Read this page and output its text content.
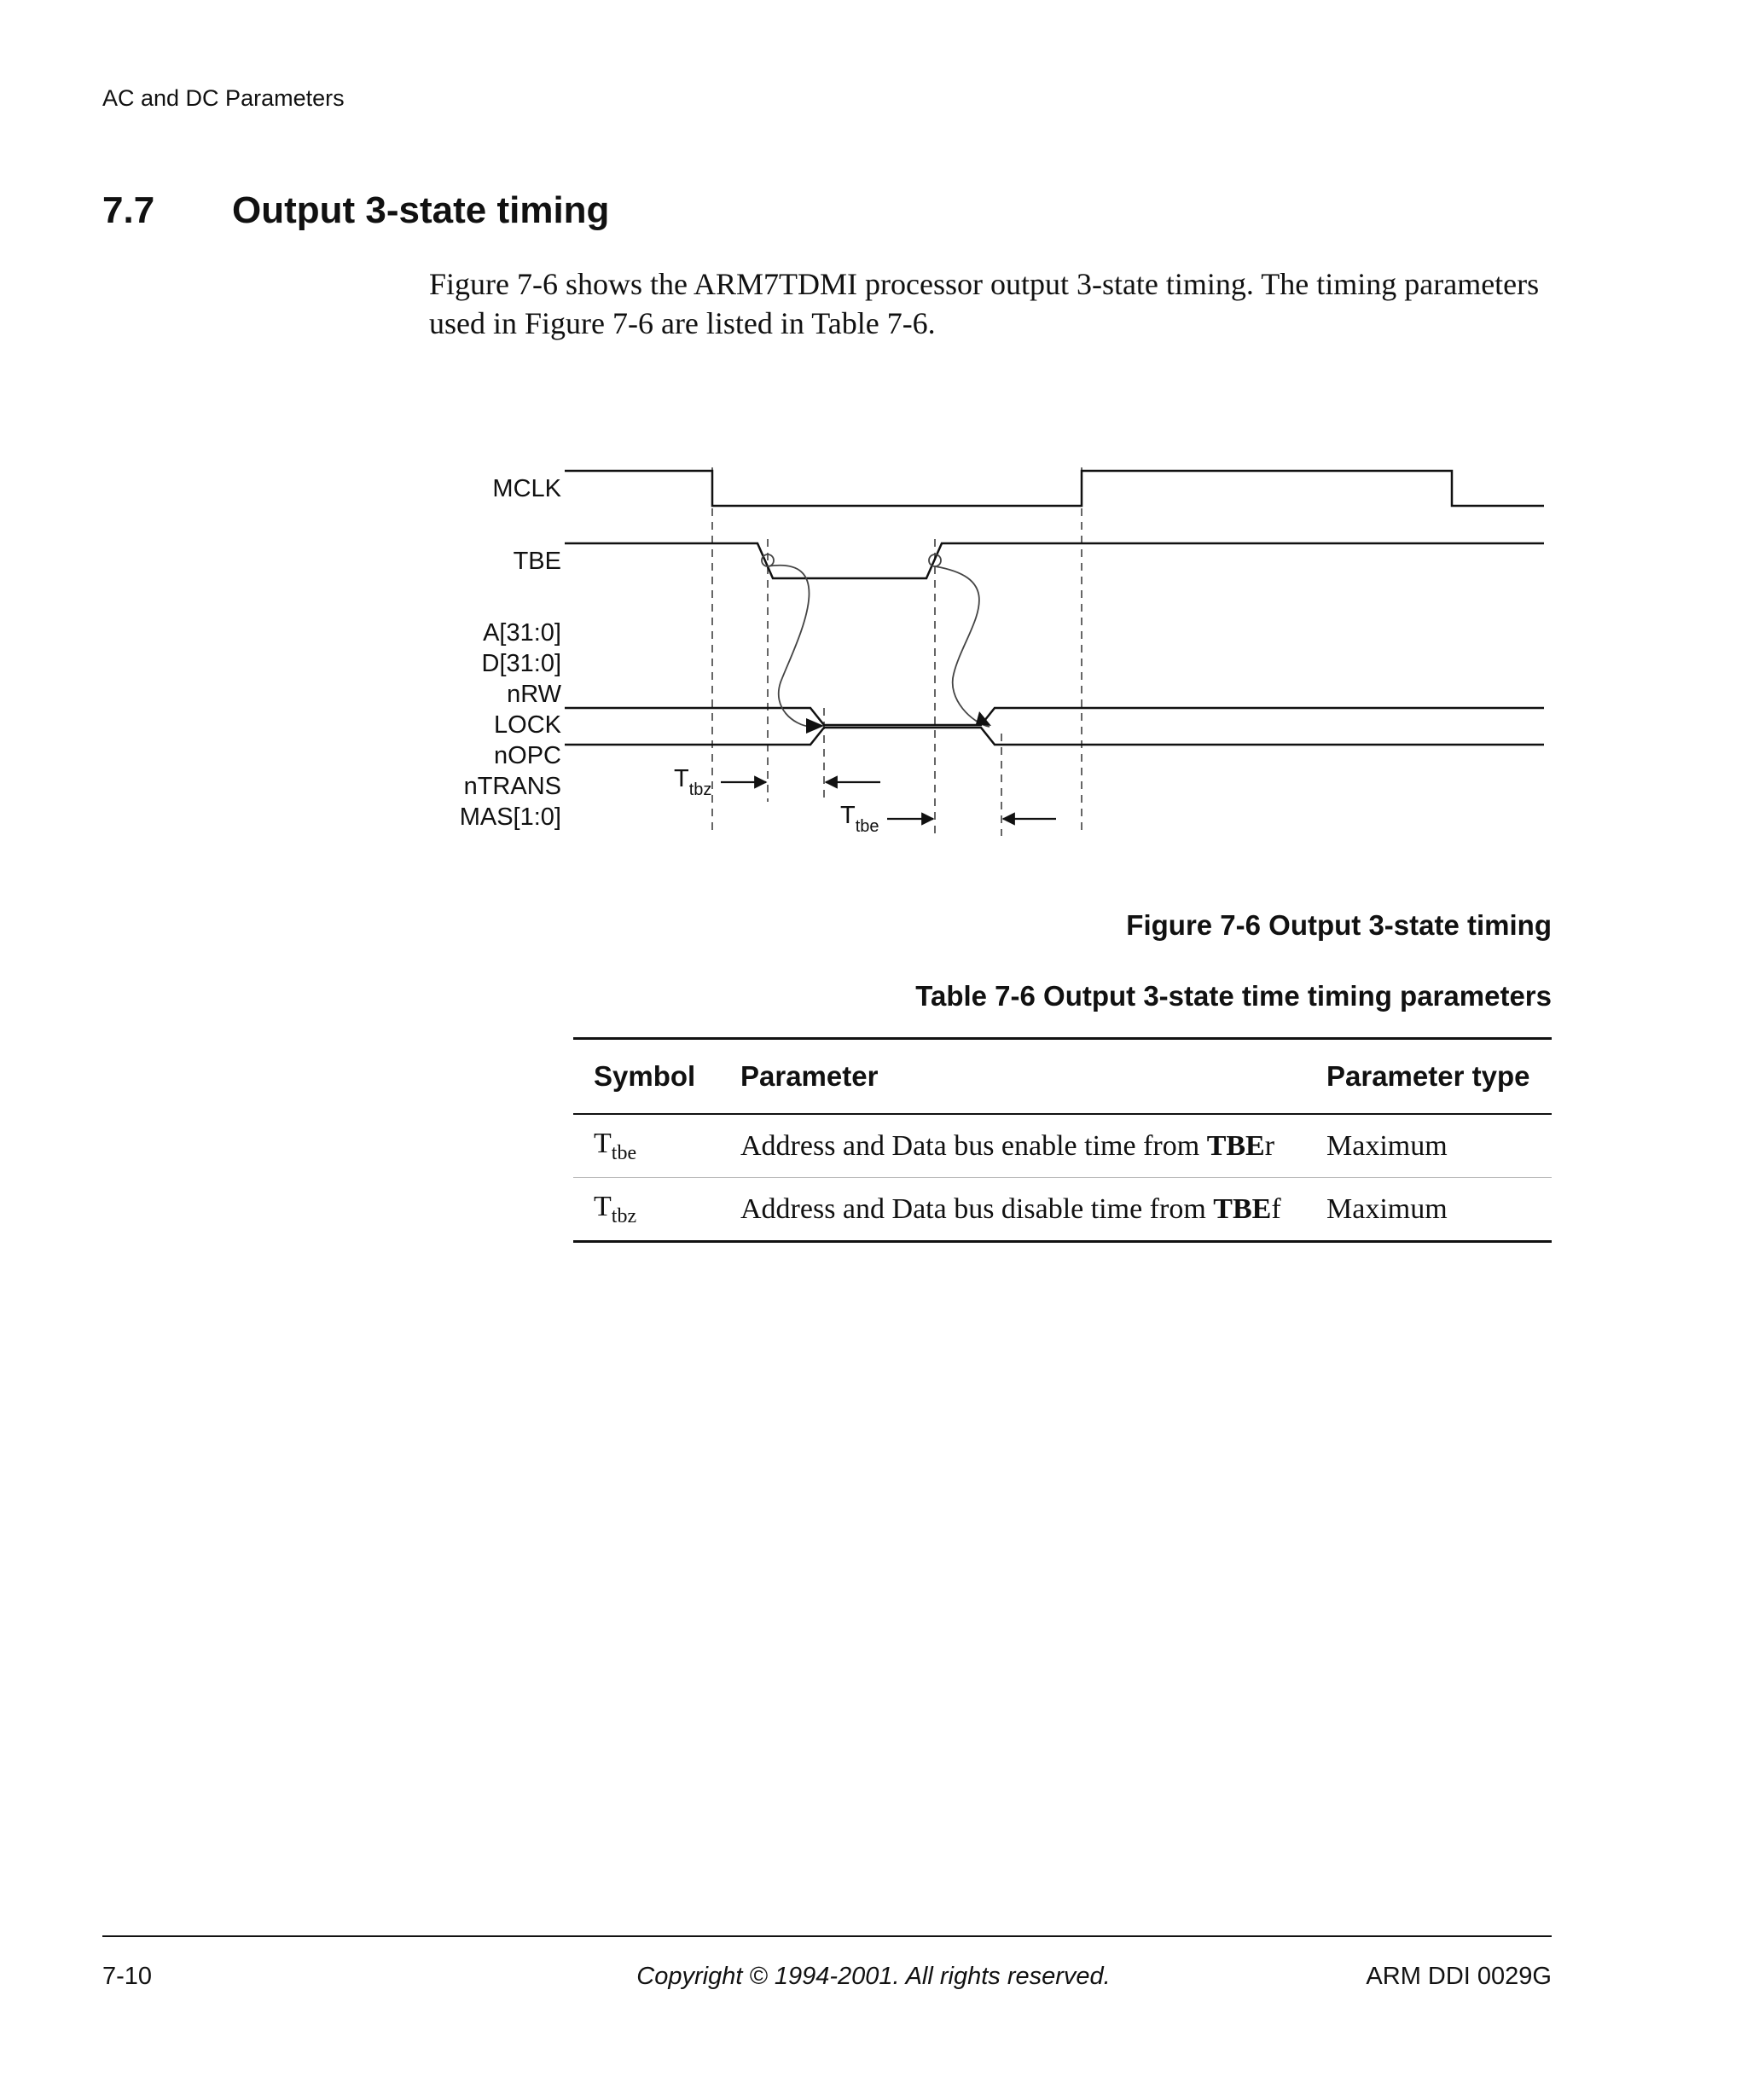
AC and DC Parameters
7.7 Output 3-state timing
Figure 7-6 shows the ARM7TDMI processor output 3-state timing. The timing parameters used in Figure 7-6 are listed in Table 7-6.
MCLK
TBE
A[31:0]
D[31:0]
nRW
LOCK
nOPC
nTRANS
MAS[1:0]
$T_{tbz}$
$T_{tbe}$
Figure 7-6 Output 3-state timing
Table 7-6 Output 3-state time timing parameters
Symbol	Parameter	Parameter type
$T_{tbe}$	Address and Data bus enable time from TBEr	Maximum
$T_{tbz}$	Address and Data bus disable time from TBEf	Maximum
7-10	Copyright © 1994-2001. All rights reserved.	ARM DDI 0029G
